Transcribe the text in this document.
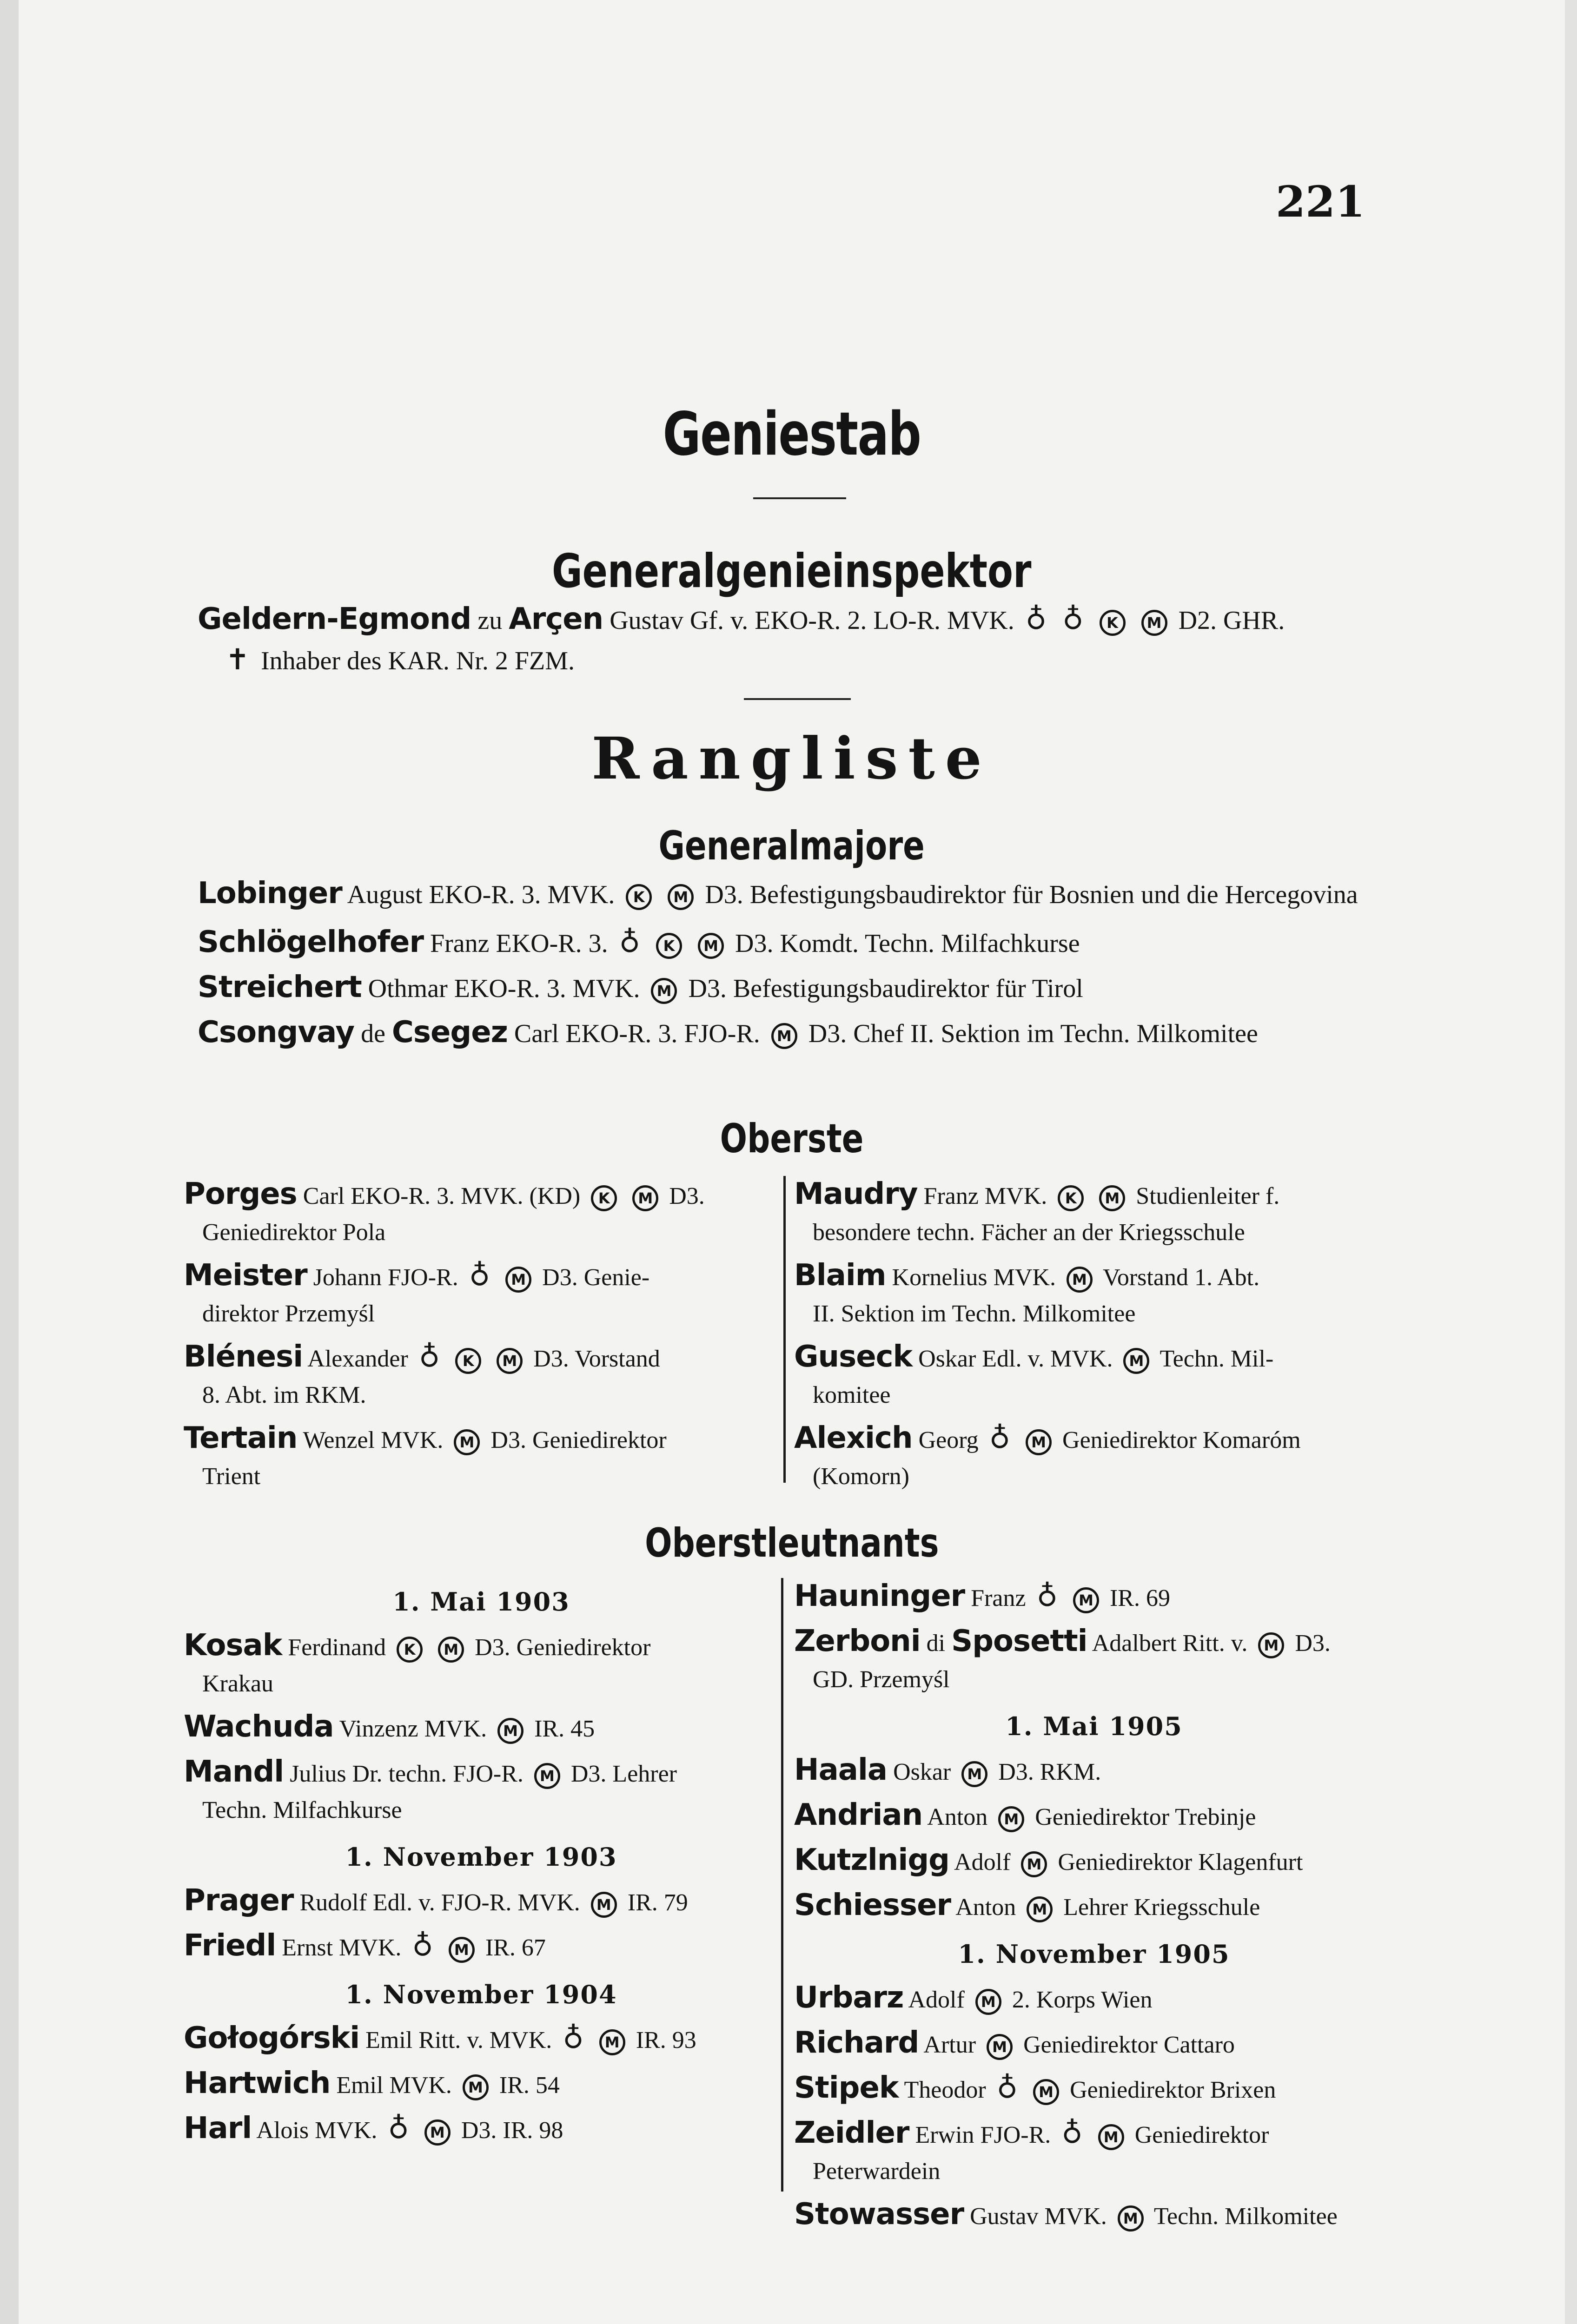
221
Geniestab
Generalgenieinspektor
Geldern-Egmond zu Arçen Gustav Gf. v. EKO-R. 2. LO-R. MVK. ♁ ♁ K M D2. GHR.
✝ Inhaber des KAR. Nr. 2 FZM.
Rangliste
Generalmajore
Lobinger August EKO-R. 3. MVK. K M D3. Befestigungsbaudirektor für Bosnien und die Hercegovina
Schlögelhofer Franz EKO-R. 3. ♁ K M D3. Komdt. Techn. Milfachkurse
Streichert Othmar EKO-R. 3. MVK. M D3. Befestigungsbaudirektor für Tirol
Csongvay de Csegez Carl EKO-R. 3. FJO-R. M D3. Chef II. Sektion im Techn. Milkomitee
Oberste
Porges Carl EKO-R. 3. MVK. (KD) K M D3.
Geniedirektor Pola
Meister Johann FJO-R. ♁ M D3. Genie-
direktor Przemyśl
Blénesi Alexander ♁ K M D3. Vorstand
8. Abt. im RKM.
Tertain Wenzel MVK. M D3. Geniedirektor
Trient
Maudry Franz MVK. K M Studienleiter f.
besondere techn. Fächer an der Kriegsschule
Blaim Kornelius MVK. M Vorstand 1. Abt.
II. Sektion im Techn. Milkomitee
Guseck Oskar Edl. v. MVK. M Techn. Mil-
komitee
Alexich Georg ♁ M Geniedirektor Komaróm
(Komorn)
Oberstleutnants
1. Mai 1903
Kosak Ferdinand K M D3. Geniedirektor
Krakau
Wachuda Vinzenz MVK. M IR. 45
Mandl Julius Dr. techn. FJO-R. M D3. Lehrer
Techn. Milfachkurse
1. November 1903
Prager Rudolf Edl. v. FJO-R. MVK. M IR. 79
Friedl Ernst MVK. ♁ M IR. 67
1. November 1904
Gołogórski Emil Ritt. v. MVK. ♁ M IR. 93
Hartwich Emil MVK. M IR. 54
Harl Alois MVK. ♁ M D3. IR. 98
Hauninger Franz ♁ M IR. 69
Zerboni di Sposetti Adalbert Ritt. v. M D3.
GD. Przemyśl
1. Mai 1905
Haala Oskar M D3. RKM.
Andrian Anton M Geniedirektor Trebinje
Kutzlnigg Adolf M Geniedirektor Klagenfurt
Schiesser Anton M Lehrer Kriegsschule
1. November 1905
Urbarz Adolf M 2. Korps Wien
Richard Artur M Geniedirektor Cattaro
Stipek Theodor ♁ M Geniedirektor Brixen
Zeidler Erwin FJO-R. ♁ M Geniedirektor
Peterwardein
Stowasser Gustav MVK. M Techn. Milkomitee
